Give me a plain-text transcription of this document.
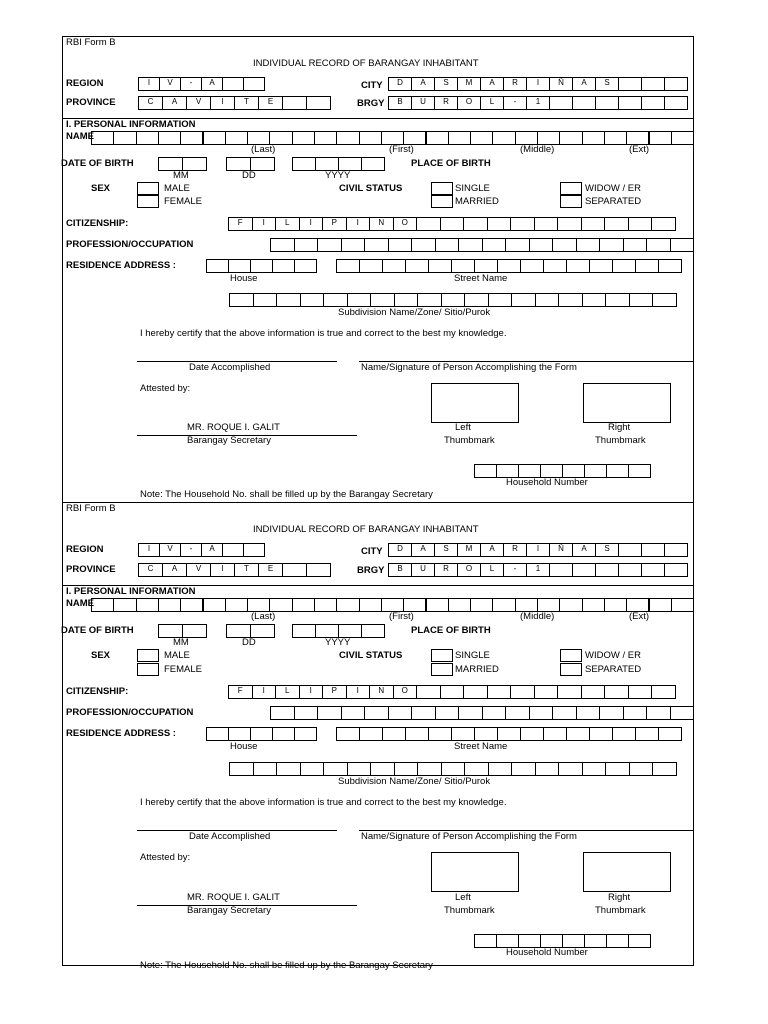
RBI Form B
INDIVIDUAL RECORD OF BARANGAY INHABITANT
REGION	I	V	-	A	CITY	D	A	S	M	A	R	I	Ñ	A	S
PROVINCE	C	A	V	I	T	E	BRGY	B	U	R	O	L	-	1
I. PERSONAL INFORMATION
NAME
(Last)	(First)	(Middle)	(Ext)
DATE OF BIRTH
MM	DD	YYYY
PLACE OF BIRTH
SEX	MALE
FEMALE
CIVIL STATUS	SINGLE
MARRIED
WIDOW / ER
SEPARATED
CITIZENSHIP:	F	I	L	I	P	I	N	O
PROFESSION/OCCUPATION
RESIDENCE ADDRESS :
House	Street Name
Subdivision Name/Zone/ Sitio/Purok
I hereby certify that the above information is true and correct to the best my knowledge.
Date Accomplished	Name/Signature of Person Accomplishing the Form
Attested by:
MR. ROQUE I. GALIT
Barangay Secretary
Left
Thumbmark
Right
Thumbmark
Household Number
Note: The Household No. shall be filled up by the Barangay Secretary
RBI Form B
INDIVIDUAL RECORD OF BARANGAY INHABITANT
REGION	I	V	-	A	CITY	D	A	S	M	A	R	I	Ñ	A	S
PROVINCE	C	A	V	I	T	E	BRGY	B	U	R	O	L	-	1
I. PERSONAL INFORMATION
NAME
(Last)	(First)	(Middle)	(Ext)
DATE OF BIRTH
MM	DD	YYYY
PLACE OF BIRTH
SEX	MALE
FEMALE
CIVIL STATUS	SINGLE
MARRIED
WIDOW / ER
SEPARATED
CITIZENSHIP:	F	I	L	I	P	I	N	O
PROFESSION/OCCUPATION
RESIDENCE ADDRESS :
House	Street Name
Subdivision Name/Zone/ Sitio/Purok
I hereby certify that the above information is true and correct to the best my knowledge.
Date Accomplished	Name/Signature of Person Accomplishing the Form
Attested by:
MR. ROQUE I. GALIT
Barangay Secretary
Left
Thumbmark
Right
Thumbmark
Household Number
Note: The Household No. shall be filled up by the Barangay Secretary
